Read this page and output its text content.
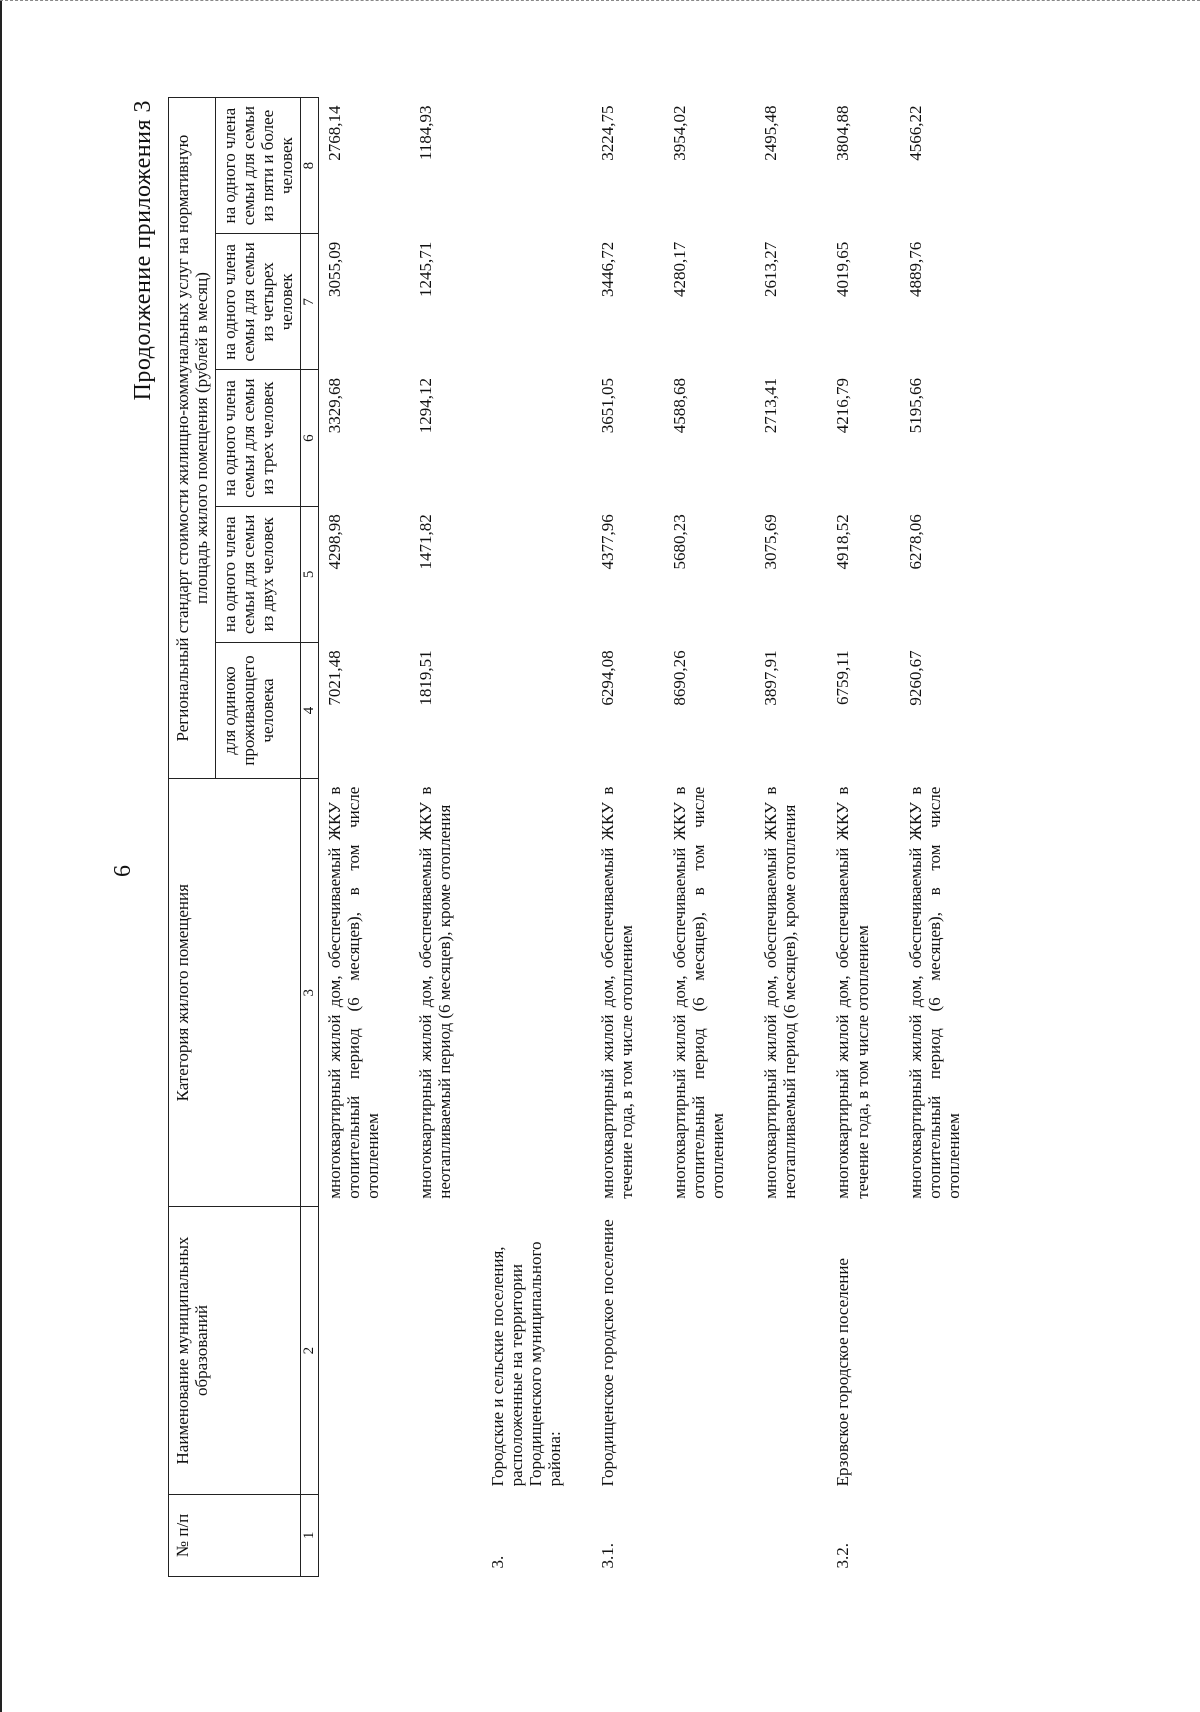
6
Продолжение приложения 3
№ п/п	Наименование муниципальных образований	Категория жилого помещения	Региональный стандарт стоимости жилищно-коммунальных услуг на нормативную площадь жилого помещения (рублей в месяц)				
			для одиноко проживающего человека	на одного члена семьи для семьи из двух человек	на одного члена семьи для семьи из трех человек	на одного члена семьи для семьи из четырех человек	на одного члена семьи для семьи из пяти и более человек
1	2	3	4	5	6	7	8
		многоквартирный жилой дом, обеспечиваемый ЖКУ в отопительный период (6 месяцев), в том числе отоплением	7021,48	4298,98	3329,68	3055,09	2768,14
		многоквартирный жилой дом, обеспечиваемый ЖКУ в неотапливаемый период (6 месяцев), кроме отопления	1819,51	1471,82	1294,12	1245,71	1184,93
3.	Городские и сельские поселения, расположенные на территории Городищенского муниципального района:						
3.1.	Городищенское городское поселение	многоквартирный жилой дом, обеспечиваемый ЖКУ в течение года, в том числе отоплением	6294,08	4377,96	3651,05	3446,72	3224,75
		многоквартирный жилой дом, обеспечиваемый ЖКУ в отопительный период (6 месяцев), в том числе отоплением	8690,26	5680,23	4588,68	4280,17	3954,02
		многоквартирный жилой дом, обеспечиваемый ЖКУ в неотапливаемый период (6 месяцев), кроме отопления	3897,91	3075,69	2713,41	2613,27	2495,48
3.2.	Ерзовское городское поселение	многоквартирный жилой дом, обеспечиваемый ЖКУ в течение года, в том числе отоплением	6759,11	4918,52	4216,79	4019,65	3804,88
		многоквартирный жилой дом, обеспечиваемый ЖКУ в отопительный период (6 месяцев), в том числе отоплением	9260,67	6278,06	5195,66	4889,76	4566,22
